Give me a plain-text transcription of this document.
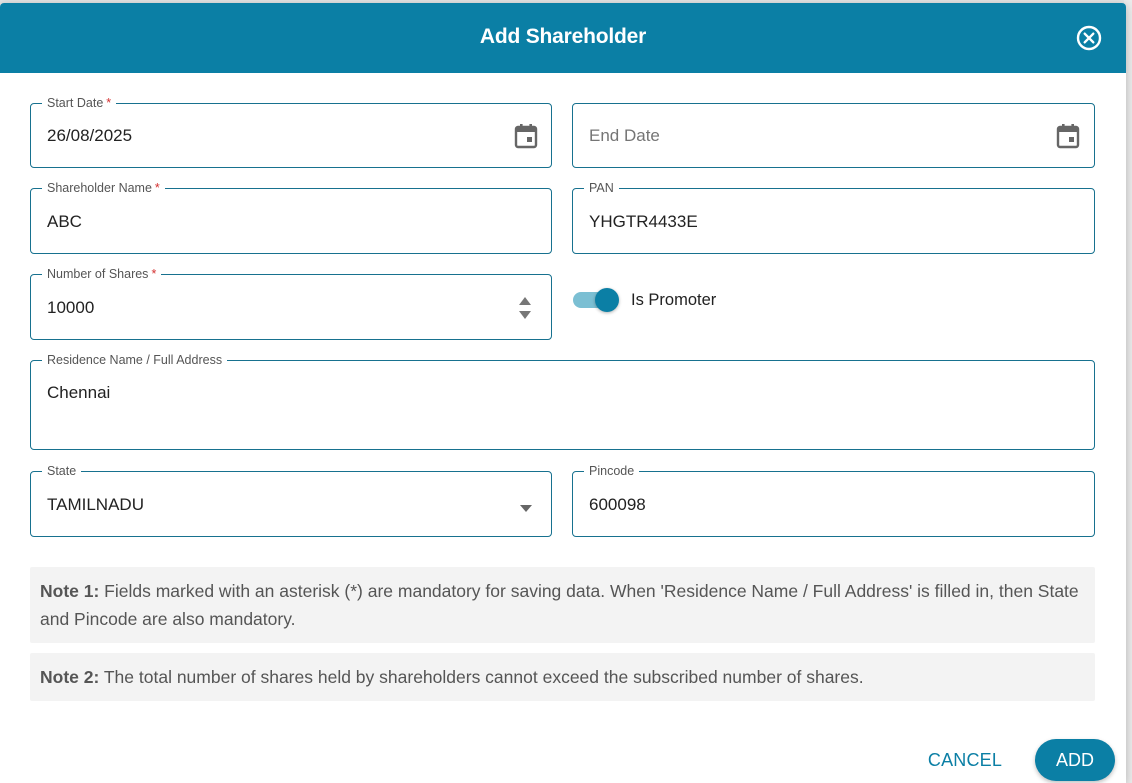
Add Shareholder
Start Date *
26/08/2025
End Date
Shareholder Name *
ABC	PAN
YHGTR4433E
Number of Shares *
10000
Is Promoter
Residence Name / Full Address
Chennai
State
TAMILNADU
Pincode
600098
Note 1: Fields marked with an asterisk (*) are mandatory for saving data. When 'Residence Name / Full Address' is filled in, then State and Pincode are also mandatory.
Note 2: The total number of shares held by shareholders cannot exceed the subscribed number of shares.
CANCEL	ADD
